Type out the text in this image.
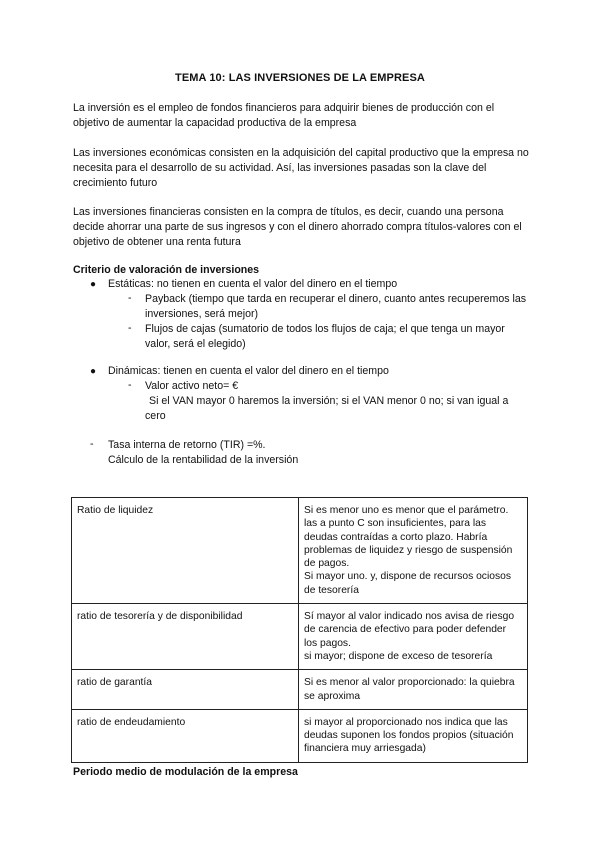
TEMA 10: LAS INVERSIONES DE LA EMPRESA
La inversión es el empleo de fondos financieros para adquirir bienes de producción con el objetivo de aumentar la capacidad productiva de la empresa
Las inversiones económicas consisten en la adquisición del capital productivo que la empresa no necesita para el desarrollo de su actividad. Así, las inversiones pasadas son la clave del crecimiento futuro
Las inversiones financieras consisten en la compra de títulos, es decir, cuando una persona decide ahorrar una parte de sus ingresos y con el dinero ahorrado compra títulos-valores con el objetivo de obtener una renta futura
Criterio de valoración de inversiones
● Estáticas: no tienen en cuenta el valor del dinero en el tiempo
- Payback (tiempo que tarda en recuperar el dinero, cuanto antes recuperemos las inversiones, será mejor)
- Flujos de cajas (sumatorio de todos los flujos de caja; el que tenga un mayor valor, será el elegido)
● Dinámicas: tienen en cuenta el valor del dinero en el tiempo
- Valor activo neto= €
Si el VAN mayor 0 haremos la inversión; si el VAN menor 0 no; si van igual a cero
- Tasa interna de retorno (TIR) =%.
Cálculo de la rentabilidad de la inversión
Ratio de liquidez	Si es menor uno es menor que el parámetro. las a punto C son insuficientes, para las deudas contraídas a corto plazo. Habría problemas de liquidez y riesgo de suspensión de pagos.
Si mayor uno. y, dispone de recursos ociosos de tesorería
ratio de tesorería y de disponibilidad	Sí mayor al valor indicado nos avisa de riesgo de carencia de efectivo para poder defender los pagos.
si mayor; dispone de exceso de tesorería
ratio de garantía	Si es menor al valor proporcionado: la quiebra se aproxima
ratio de endeudamiento	si mayor al proporcionado nos indica que las deudas suponen los fondos propios (situación financiera muy arriesgada)
Periodo medio de modulación de la empresa
